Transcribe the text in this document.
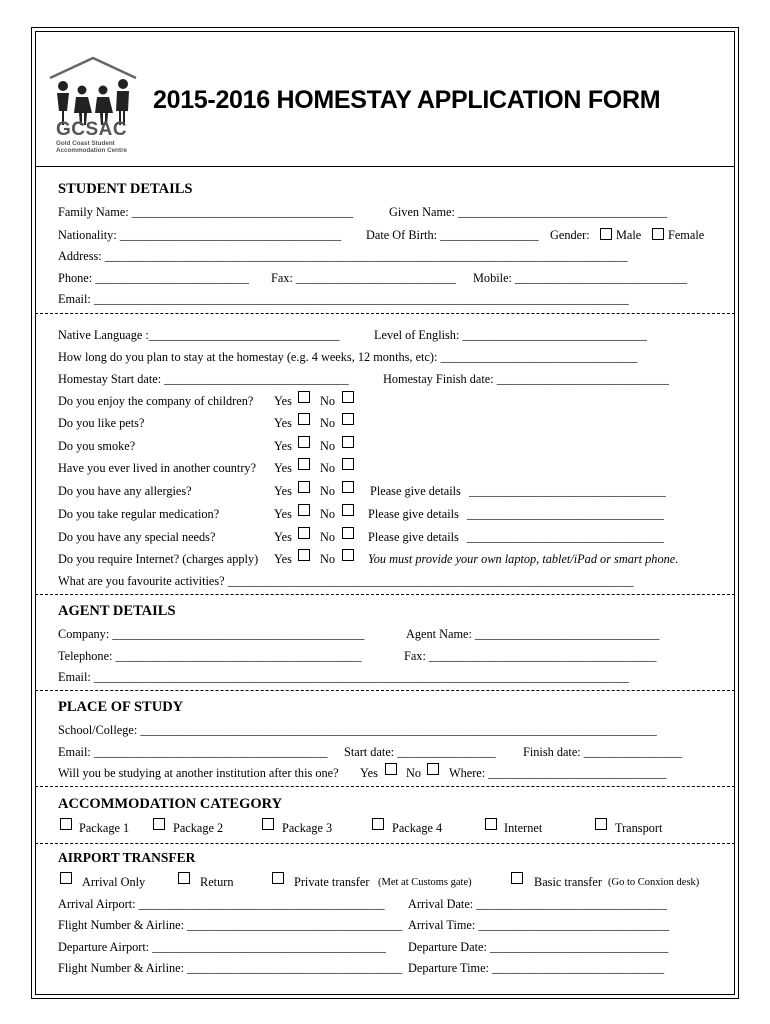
GCSAC
Gold Coast Student
Accommodation Centre
2015-2016 HOMESTAY APPLICATION FORM
STUDENT DETAILS
Family Name: ____________________________________	Given Name: __________________________________
Nationality: ____________________________________ Date Of Birth: ________________ Gender: Male Female
Address: _____________________________________________________________________________________
Phone: _________________________ Fax: __________________________ Mobile: ____________________________
Email: _______________________________________________________________________________________
Native Language :_______________________________	Level of English: ______________________________
How long do you plan to stay at the homestay (e.g. 4 weeks, 12 months, etc): ________________________________
Homestay Start date: ______________________________	Homestay Finish date: ____________________________
Do you enjoy the company of children? Yes No
Do you like pets?	Yes No
Do you smoke?	Yes No
Have you ever lived in another country? Yes No
Do you have any allergies?	Yes No	Please give details ________________________________
Do you take regular medication?	Yes No	Please give details ________________________________
Do you have any special needs?	Yes No	Please give details ________________________________
Do you require Internet? (charges apply) Yes No	You must provide your own laptop, tablet/iPad or smart phone.
What are you favourite activities? __________________________________________________________________
AGENT DETAILS
Company: _________________________________________	Agent Name: ______________________________
Telephone: ________________________________________	Fax: _____________________________________
Email: _______________________________________________________________________________________
PLACE OF STUDY
School/College: ____________________________________________________________________________________
Email: ______________________________________ Start date: ________________ Finish date: ________________
Will you be studying at another institution after this one? Yes No Where: _____________________________
ACCOMMODATION CATEGORY
Package 1	Package 2	Package 3	Package 4	Internet	Transport
AIRPORT TRANSFER
Arrival Only	Return	Private transfer (Met at Customs gate)	Basic transfer (Go to Conxion desk)
Arrival Airport: ________________________________________ Arrival Date: _______________________________
Flight Number & Airline: ___________________________________ Arrival Time: _______________________________
Departure Airport: ______________________________________ Departure Date: _____________________________
Flight Number & Airline: ___________________________________ Departure Time: ____________________________
